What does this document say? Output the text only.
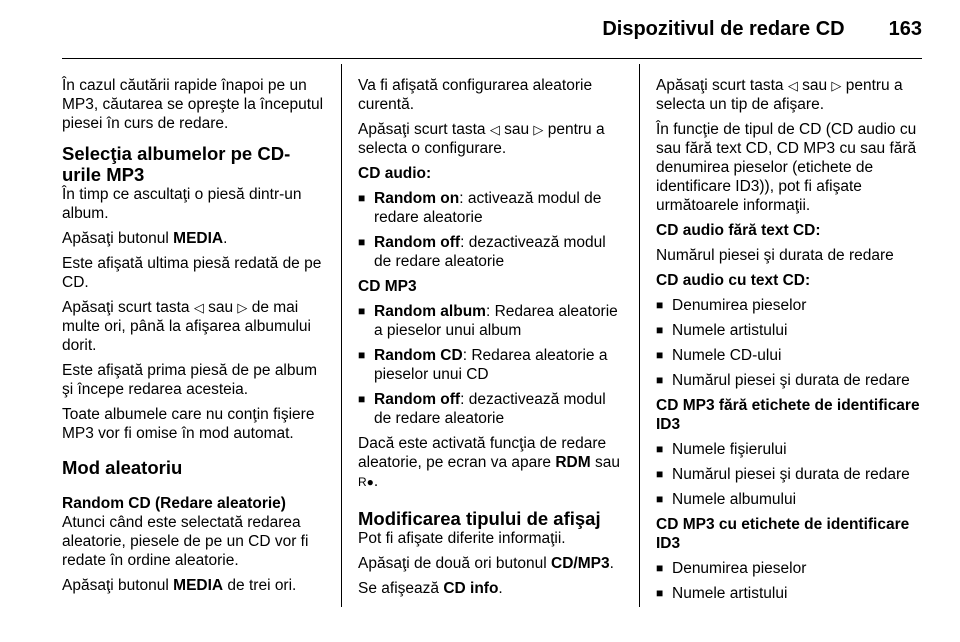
Dispozitivul de redare CD 163

În cazul căutării rapide înapoi pe un MP3, căutarea se opreşte la începutul piesei în curs de redare.

Selecţia albumelor pe CD-urile MP3

În timp ce ascultaţi o piesă dintr-un album.

Apăsaţi butonul MEDIA.

Este afişată ultima piesă redată de pe CD.

Apăsaţi scurt tasta ◁ sau ▷ de mai multe ori, până la afişarea albumului dorit.

Este afişată prima piesă de pe album şi începe redarea acesteia.

Toate albumele care nu conţin fişiere MP3 vor fi omise în mod automat.

Mod aleatoriu
Random CD (Redare aleatorie)

Atunci când este selectată redarea aleatorie, piesele de pe un CD vor fi redate în ordine aleatorie.

Apăsaţi butonul MEDIA de trei ori.

Va fi afişată configurarea aleatorie curentă.

Apăsaţi scurt tasta ◁ sau ▷ pentru a selecta o configurare.

CD audio:

■ Random on: activează modul de redare aleatorie
■ Random off: dezactivează modul de redare aleatorie

CD MP3

■ Random album: Redarea aleatorie a pieselor unui album
■ Random CD: Redarea aleatorie a pieselor unui CD
■ Random off: dezactivează modul de redare aleatorie

Dacă este activată funcţia de redare aleatorie, pe ecran va apare RDM sau R●.

Modificarea tipului de afişaj

Pot fi afişate diferite informaţii.

Apăsaţi de două ori butonul CD/MP3.

Se afişează CD info.

Apăsaţi scurt tasta ◁ sau ▷ pentru a selecta un tip de afişare.

În funcţie de tipul de CD (CD audio cu sau fără text CD, CD MP3 cu sau fără denumirea pieselor (etichete de identificare ID3)), pot fi afişate următoarele informaţii.

CD audio fără text CD:

Numărul piesei şi durata de redare

CD audio cu text CD:

■ Denumirea pieselor
■ Numele artistului
■ Numele CD-ului
■ Numărul piesei şi durata de redare

CD MP3 fără etichete de identificare ID3

■ Numele fişierului
■ Numărul piesei şi durata de redare
■ Numele albumului

CD MP3 cu etichete de identificare ID3

■ Denumirea pieselor
■ Numele artistului
